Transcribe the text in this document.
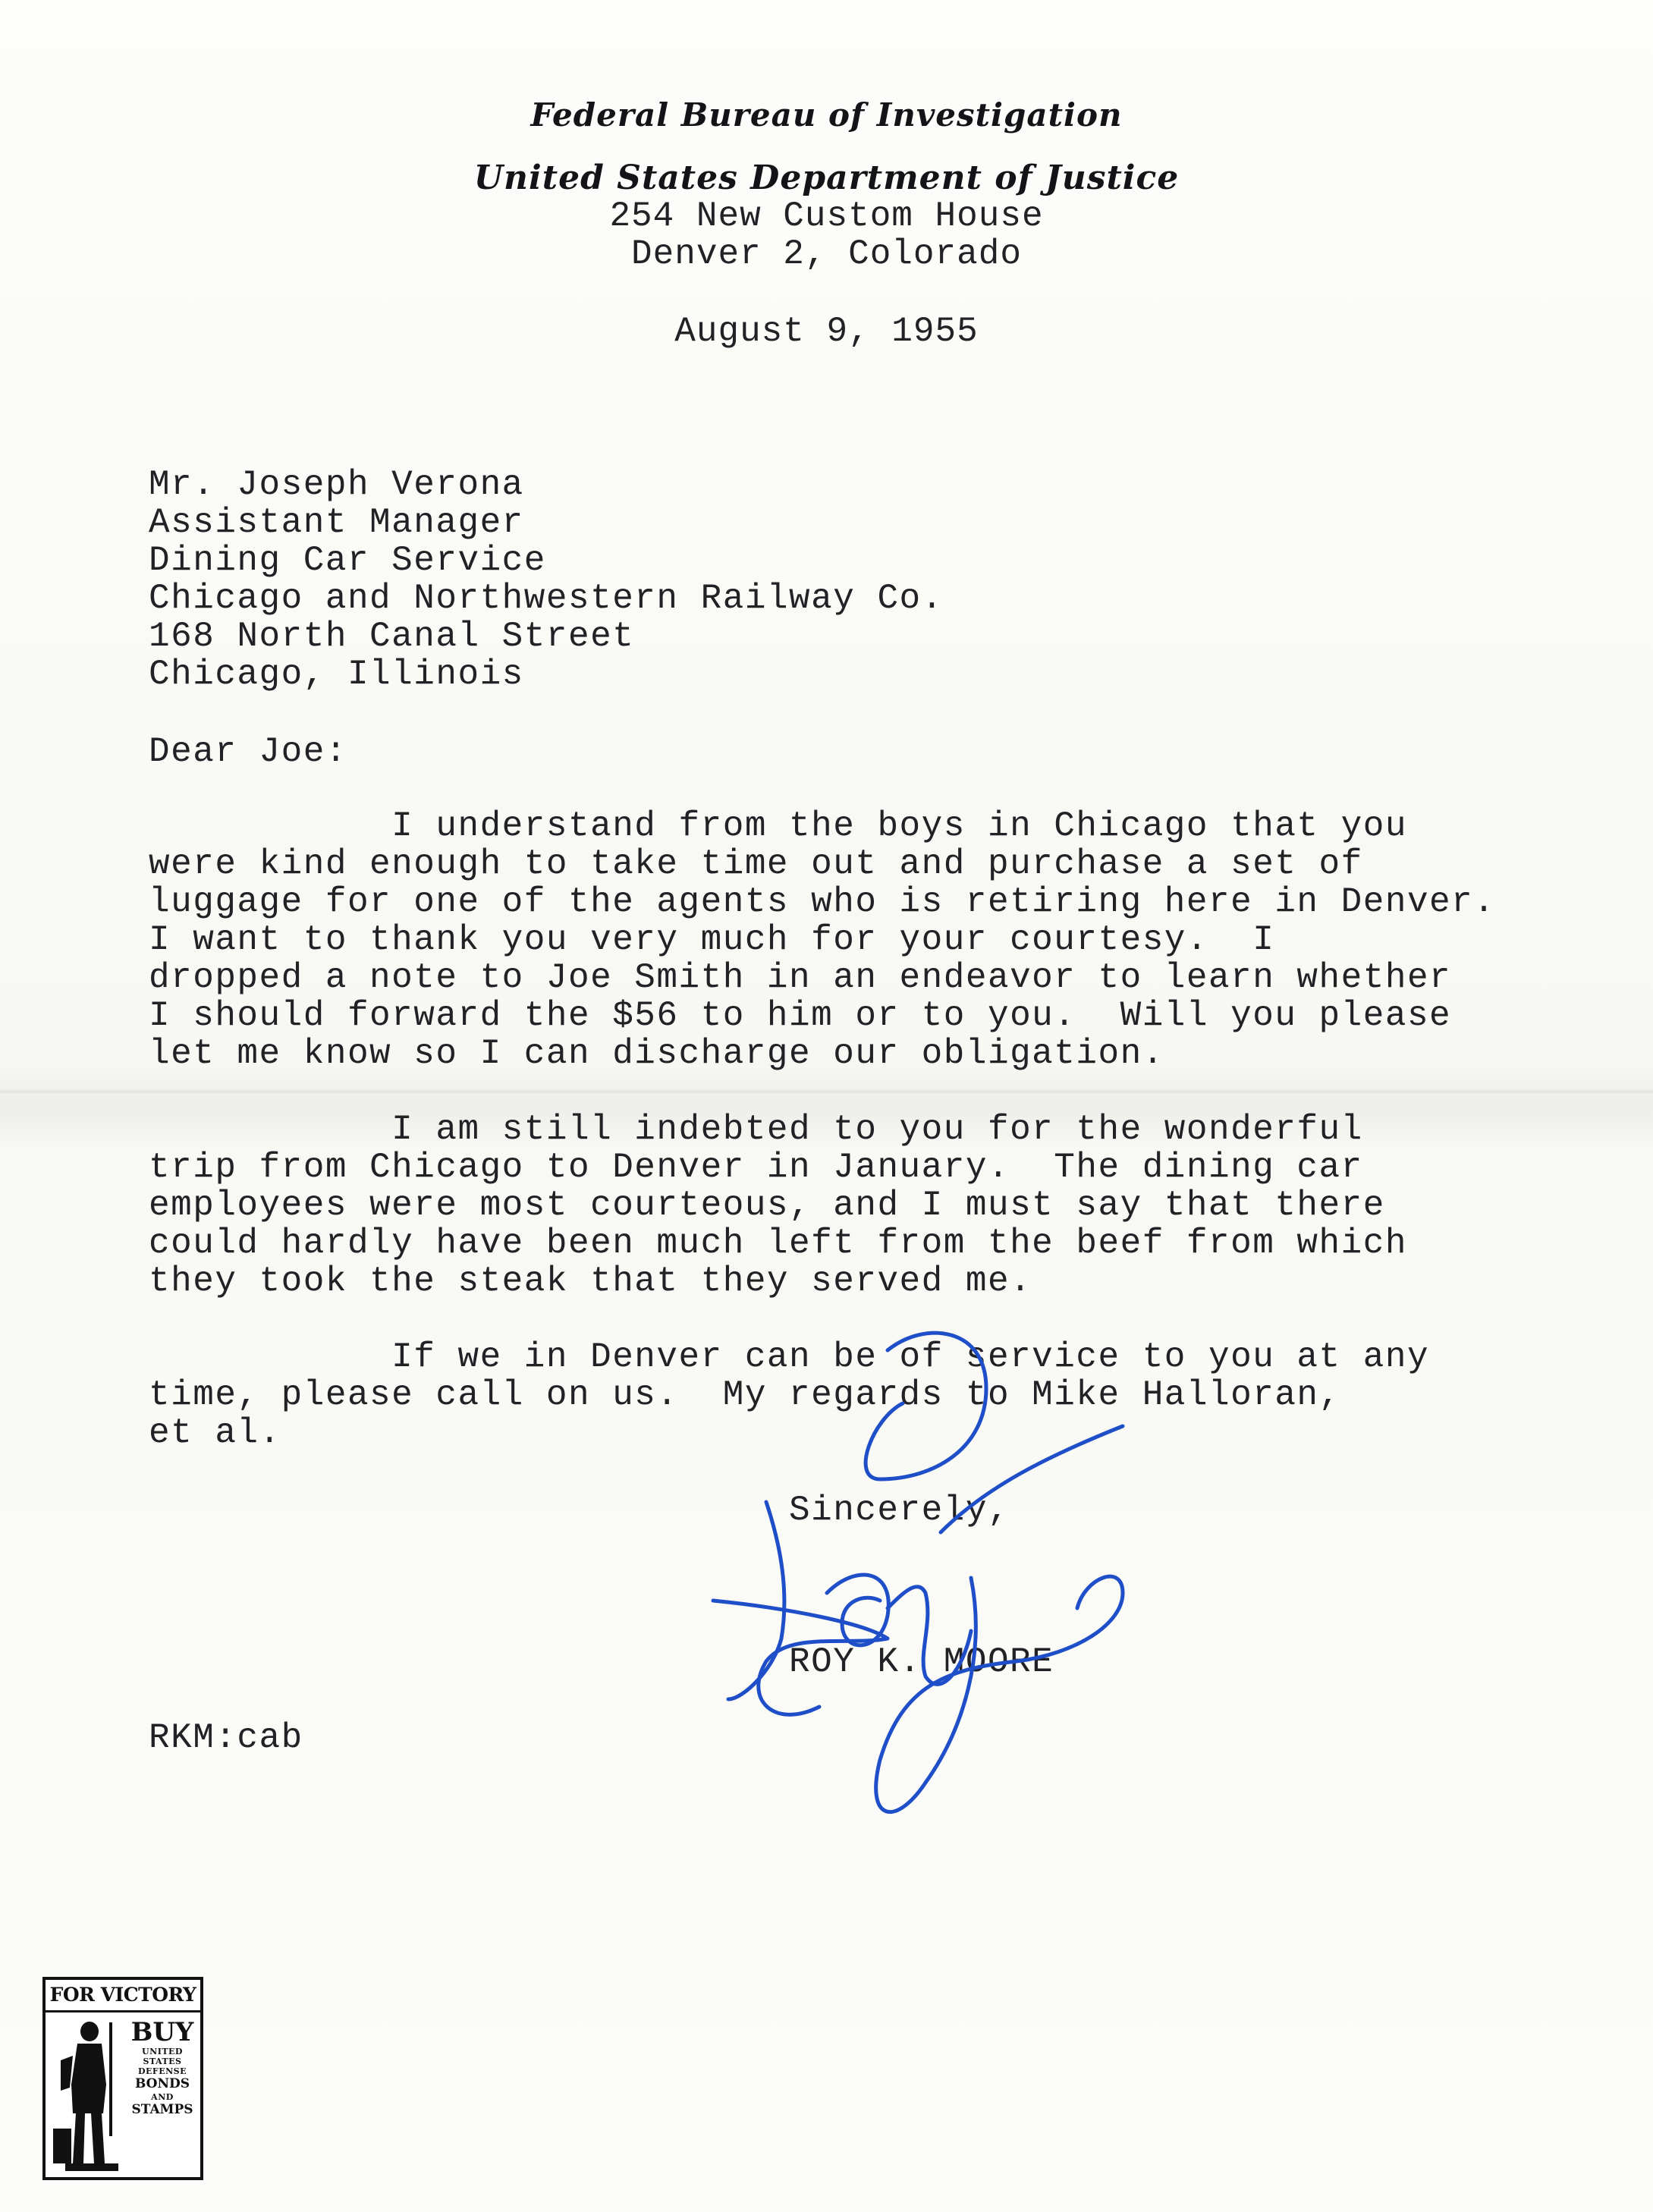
Federal Bureau of Investigation
United States Department of Justice
254 New Custom House
Denver 2, Colorado
August 9, 1955
Mr. Joseph Verona
Assistant Manager
Dining Car Service
Chicago and Northwestern Railway Co.
168 North Canal Street
Chicago, Illinois
Dear Joe:
I understand from the boys in Chicago that you
were kind enough to take time out and purchase a set of
luggage for one of the agents who is retiring here in Denver.
I want to thank you very much for your courtesy.  I
dropped a note to Joe Smith in an endeavor to learn whether
I should forward the $56 to him or to you.  Will you please
let me know so I can discharge our obligation.
I am still indebted to you for the wonderful
trip from Chicago to Denver in January.  The dining car
employees were most courteous, and I must say that there
could hardly have been much left from the beef from which
they took the steak that they served me.
If we in Denver can be of service to you at any
time, please call on us.  My regards to Mike Halloran,
et al.
Sincerely,
ROY K. MOORE
RKM:cab
FOR VICTORY
BUY
UNITED
STATES
DEFENSE
BONDS
AND
STAMPS
